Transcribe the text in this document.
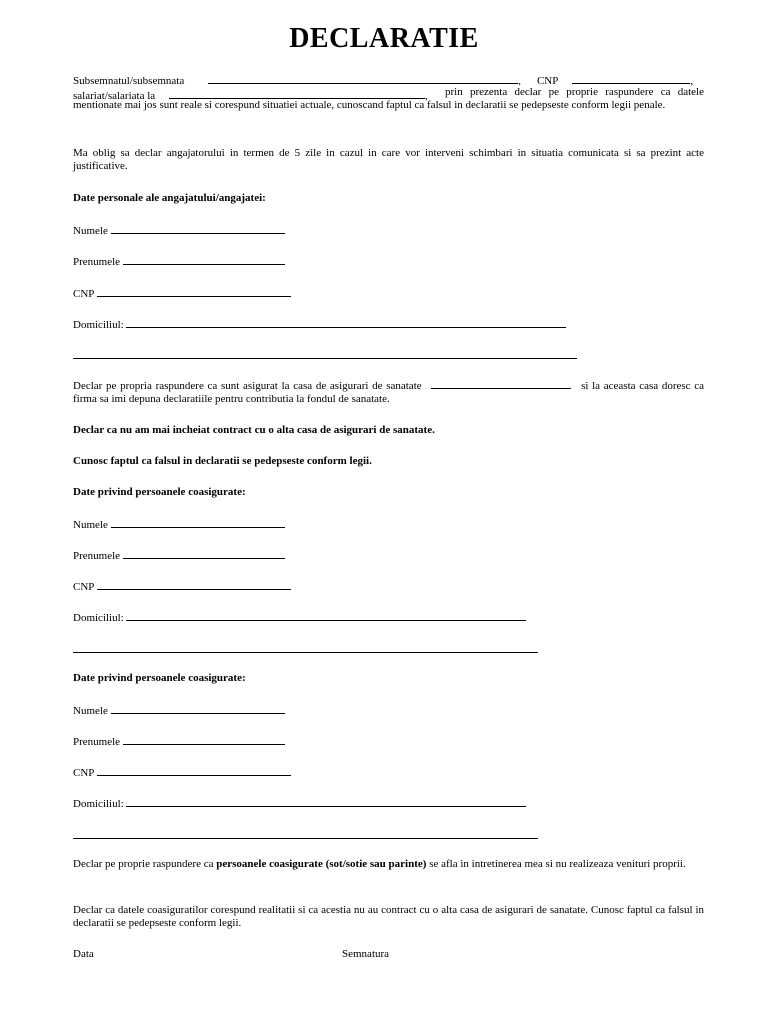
DECLARATIE
Subsemnatul/subsemnata	, CNP	,
salariat/salariata la	,	prin prezenta declar pe proprie raspundere ca datele mentionate mai jos sunt reale si corespund situatiei actuale, cunoscand faptul ca falsul in declaratii se pedepseste conform legii penale.
Ma oblig sa declar angajatorului in termen de 5 zile in cazul in care vor interveni schimbari in situatia comunicata si sa prezint acte justificative.
Date personale ale angajatului/angajatei:
Numele
Prenumele
CNP
Domiciliul:
Declar pe propria raspundere ca sunt asigurat la casa de asigurari de sanatate	si la aceasta casa doresc ca firma sa imi depuna declaratiile pentru contributia la fondul de sanatate.
Declar ca nu am mai incheiat contract cu o alta casa de asigurari de sanatate.
Cunosc faptul ca falsul in declaratii se pedepseste conform legii.
Date privind persoanele coasigurate:
Numele
Prenumele
CNP
Domiciliul:
Date privind persoanele coasigurate:
Numele
Prenumele
CNP
Domiciliul:
Declar pe proprie raspundere ca persoanele coasigurate (sot/sotie sau parinte) se afla in intretinerea mea si nu realizeaza venituri proprii.
Declar ca datele coasiguratilor corespund realitatii si ca acestia nu au contract cu o alta casa de asigurari de sanatate. Cunosc faptul ca falsul in declaratii se pedepseste conform legii.
Data	Semnatura
